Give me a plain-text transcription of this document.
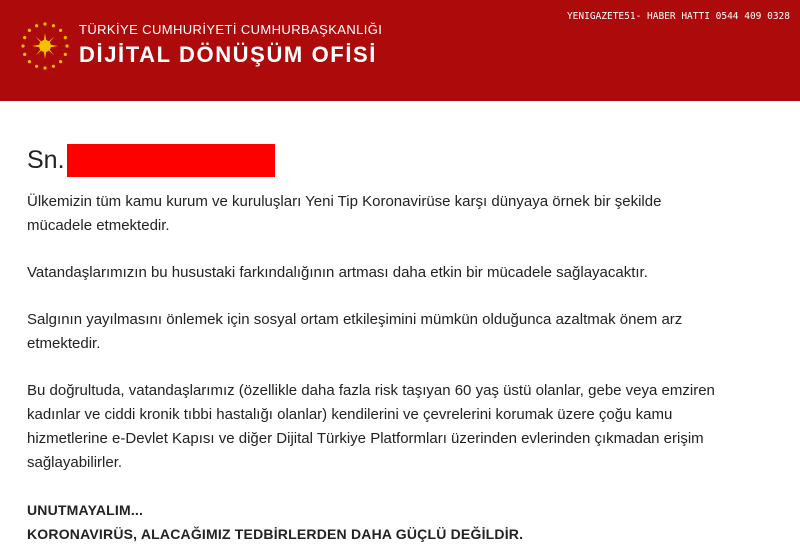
TÜRKİYE CUMHURİYETİ CUMHURBAŞKANLIĞI
DİJİTAL DÖNÜŞÜM OFİSİ
YENIGAZETE51- HABER HATTI 0544 409 0328
Sn.

Ülkemizin tüm kamu kurum ve kuruluşları Yeni Tip Koronavirüse karşı dünyaya örnek bir şekilde mücadele etmektedir.

Vatandaşlarımızın bu husustaki farkındalığının artması daha etkin bir mücadele sağlayacaktır.

Salgının yayılmasını önlemek için sosyal ortam etkileşimini mümkün olduğunca azaltmak önem arz etmektedir.

Bu doğrultuda, vatandaşlarımız (özellikle daha fazla risk taşıyan 60 yaş üstü olanlar, gebe veya emziren kadınlar ve ciddi kronik tıbbi hastalığı olanlar) kendilerini ve çevrelerini korumak üzere çoğu kamu hizmetlerine e-Devlet Kapısı ve diğer Dijital Türkiye Platformları üzerinden evlerinden çıkmadan erişim sağlayabilirler.

UNUTMAYALIM...
KORONAVIRÜS, ALACAĞIMIZ TEDBİRLERDEN DAHA GÜÇLÜ DEĞİLDİR.
